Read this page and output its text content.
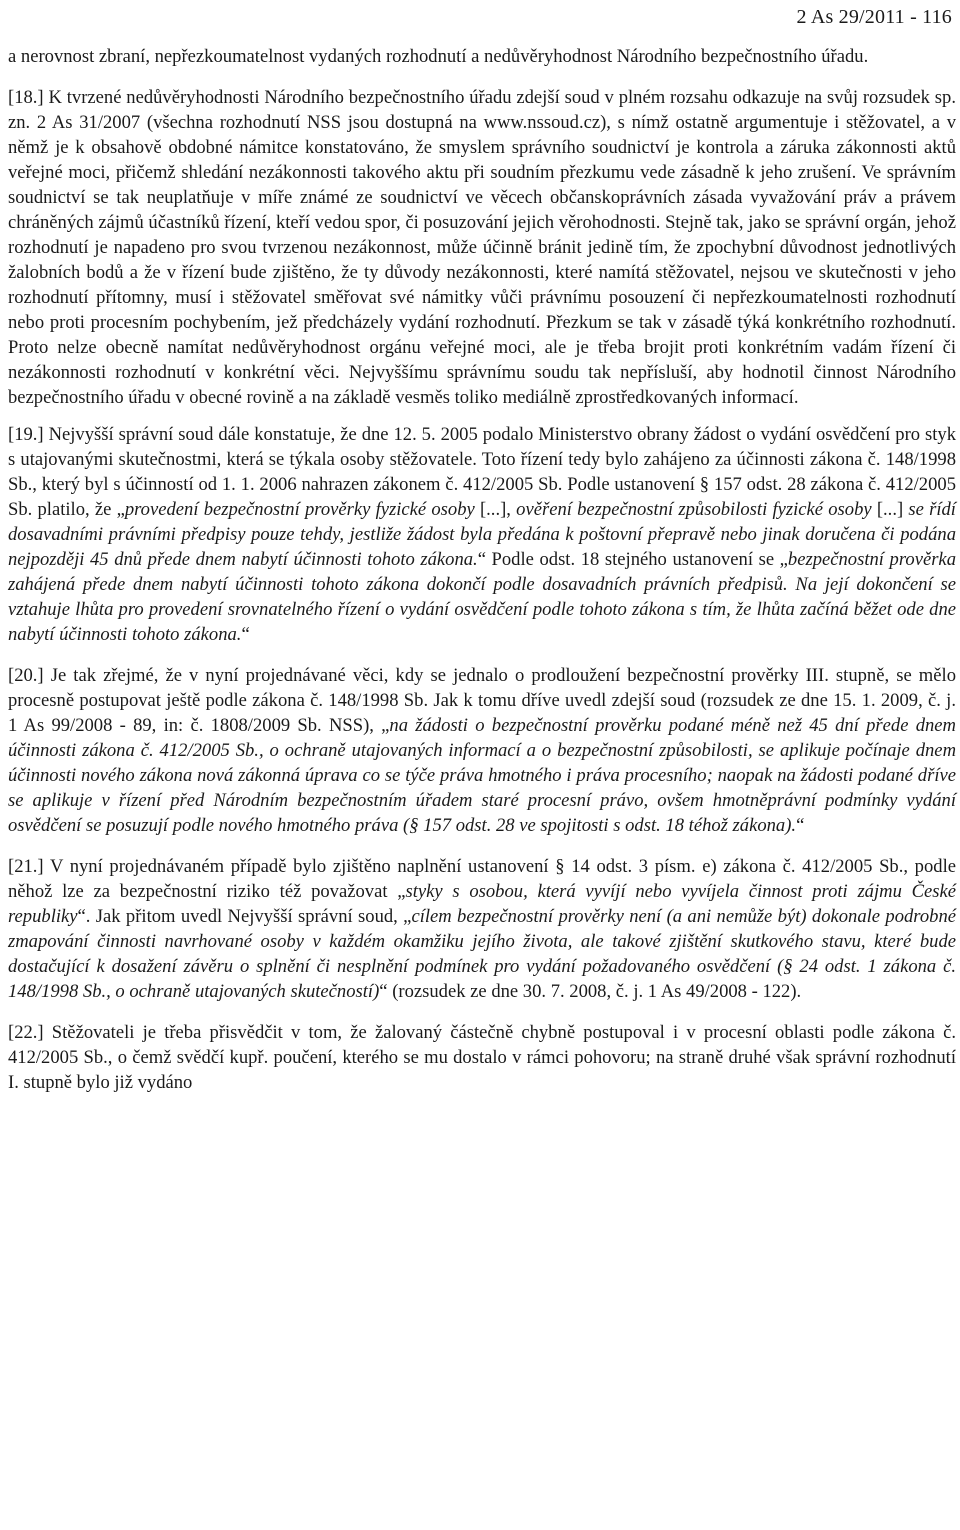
2 As 29/2011 - 116

a nerovnost zbraní, nepřezkoumatelnost vydaných rozhodnutí a nedůvěryhodnost Národního bezpečnostního úřadu.

[18.] K tvrzené nedůvěryhodnosti Národního bezpečnostního úřadu zdejší soud v plném rozsahu odkazuje na svůj rozsudek sp. zn. 2 As 31/2007 (všechna rozhodnutí NSS jsou dostupná na www.nssoud.cz), s nímž ostatně argumentuje i stěžovatel, a v němž je k obsahově obdobné námitce konstatováno, že smyslem správního soudnictví je kontrola a záruka zákonnosti aktů veřejné moci, přičemž shledání nezákonnosti takového aktu při soudním přezkumu vede zásadně k jeho zrušení. Ve správním soudnictví se tak neuplatňuje v míře známé ze soudnictví ve věcech občanskoprávních zásada vyvažování práv a právem chráněných zájmů účastníků řízení, kteří vedou spor, či posuzování jejich věrohodnosti. Stejně tak, jako se správní orgán, jehož rozhodnutí je napadeno pro svou tvrzenou nezákonnost, může účinně bránit jedině tím, že zpochybní důvodnost jednotlivých žalobních bodů a že v řízení bude zjištěno, že ty důvody nezákonnosti, které namítá stěžovatel, nejsou ve skutečnosti v jeho rozhodnutí přítomny, musí i stěžovatel směřovat své námitky vůči právnímu posouzení či nepřezkoumatelnosti rozhodnutí nebo proti procesním pochybením, jež předcházely vydání rozhodnutí. Přezkum se tak v zásadě týká konkrétního rozhodnutí. Proto nelze obecně namítat nedůvěryhodnost orgánu veřejné moci, ale je třeba brojit proti konkrétním vadám řízení či nezákonnosti rozhodnutí v konkrétní věci. Nejvyššímu správnímu soudu tak nepřísluší, aby hodnotil činnost Národního bezpečnostního úřadu v obecné rovině a na základě vesměs toliko mediálně zprostředkovaných informací.

[19.] Nejvyšší správní soud dále konstatuje, že dne 12. 5. 2005 podalo Ministerstvo obrany žádost o vydání osvědčení pro styk s utajovanými skutečnostmi, která se týkala osoby stěžovatele. Toto řízení tedy bylo zahájeno za účinnosti zákona č. 148/1998 Sb., který byl s účinností od 1. 1. 2006 nahrazen zákonem č. 412/2005 Sb. Podle ustanovení § 157 odst. 28 zákona č. 412/2005 Sb. platilo, že „provedení bezpečnostní prověrky fyzické osoby [...], ověření bezpečnostní způsobilosti fyzické osoby [...] se řídí dosavadními právními předpisy pouze tehdy, jestliže žádost byla předána k poštovní přepravě nebo jinak doručena či podána nejpozději 45 dnů přede dnem nabytí účinnosti tohoto zákona.“ Podle odst. 18 stejného ustanovení se „bezpečnostní prověrka zahájená přede dnem nabytí účinnosti tohoto zákona dokončí podle dosavadních právních předpisů. Na její dokončení se vztahuje lhůta pro provedení srovnatelného řízení o vydání osvědčení podle tohoto zákona s tím, že lhůta začíná běžet ode dne nabytí účinnosti tohoto zákona.“

[20.] Je tak zřejmé, že v nyní projednávané věci, kdy se jednalo o prodloužení bezpečnostní prověrky III. stupně, se mělo procesně postupovat ještě podle zákona č. 148/1998 Sb. Jak k tomu dříve uvedl zdejší soud (rozsudek ze dne 15. 1. 2009, č. j. 1 As 99/2008 - 89, in: č. 1808/2009 Sb. NSS), „na žádosti o bezpečnostní prověrku podané méně než 45 dní přede dnem účinnosti zákona č. 412/2005 Sb., o ochraně utajovaných informací a o bezpečnostní způsobilosti, se aplikuje počínaje dnem účinnosti nového zákona nová zákonná úprava co se týče práva hmotného i práva procesního; naopak na žádosti podané dříve se aplikuje v řízení před Národním bezpečnostním úřadem staré procesní právo, ovšem hmotněprávní podmínky vydání osvědčení se posuzují podle nového hmotného práva (§ 157 odst. 28 ve spojitosti s odst. 18 téhož zákona).“

[21.] V nyní projednávaném případě bylo zjištěno naplnění ustanovení § 14 odst. 3 písm. e) zákona č. 412/2005 Sb., podle něhož lze za bezpečnostní riziko též považovat „styky s osobou, která vyvíjí nebo vyvíjela činnost proti zájmu České republiky“. Jak přitom uvedl Nejvyšší správní soud, „cílem bezpečnostní prověrky není (a ani nemůže být) dokonale podrobné zmapování činnosti navrhované osoby v každém okamžiku jejího života, ale takové zjištění skutkového stavu, které bude dostačující k dosažení závěru o splnění či nesplnění podmínek pro vydání požadovaného osvědčení (§ 24 odst. 1 zákona č. 148/1998 Sb., o ochraně utajovaných skutečností)“ (rozsudek ze dne 30. 7. 2008, č. j. 1 As 49/2008 - 122).

[22.] Stěžovateli je třeba přisvědčit v tom, že žalovaný částečně chybně postupoval i v procesní oblasti podle zákona č. 412/2005 Sb., o čemž svědčí kupř. poučení, kterého se mu dostalo v rámci pohovoru; na straně druhé však správní rozhodnutí I. stupně bylo již vydáno
